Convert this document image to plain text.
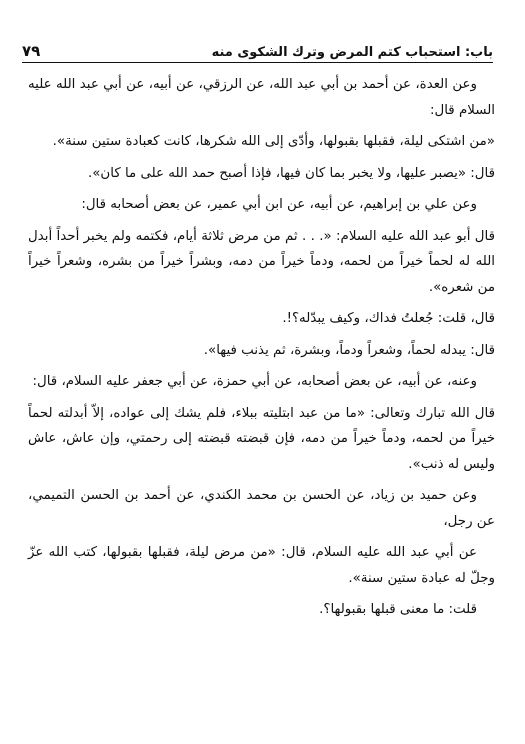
باب: استحباب كتم المرض وترك الشكوى منه
٧٩

وعن العدة، عن أحمد بن أبي عبد الله، عن الرزقي، عن أبيه، عن أبي عبد الله عليه السلام قال:

«من اشتكى ليلة، فقبلها بقبولها، وأدّى إلى الله شكرها، كانت كعبادة ستين سنة».

قال: «يصبر عليها، ولا يخبر بما كان فيها، فإذا أصبح حمد الله على ما كان».

وعن علي بن إبراهيم، عن أبيه، عن ابن أبي عمير، عن بعض أصحابه قال:

قال أبو عبد الله عليه السلام: «. . . ثم من مرض ثلاثة أيام، فكتمه ولم يخبر أحداً أبدل الله له لحماً خيراً من لحمه، ودماً خيراً من دمه، وبشراً خيراً من بشره، وشعراً خيراً من شعره».

قال، قلت: جُعلتُ فداك، وكيف يبدّله؟!.

قال: يبدله لحماً، وشعراً ودماً، وبشرة، ثم يذنب فيها».

وعنه، عن أبيه، عن بعض أصحابه، عن أبي حمزة، عن أبي جعفر عليه السلام، قال:

قال الله تبارك وتعالى: «ما من عبد ابتليته ببلاء، فلم يشك إلى عواده، إلاّ أبدلته لحماً خيراً من لحمه، ودماً خيراً من دمه، فإن قبضته قبضته إلى رحمتي، وإن عاش، عاش وليس له ذنب».

وعن حميد بن زياد، عن الحسن بن محمد الكندي، عن أحمد بن الحسن التميمي، عن رجل،

عن أبي عبد الله عليه السلام، قال: «من مرض ليلة، فقبلها بقبولها، كتب الله عزّ وجلّ له عبادة ستين سنة».

قلت: ما معنى قبلها بقبولها؟.
